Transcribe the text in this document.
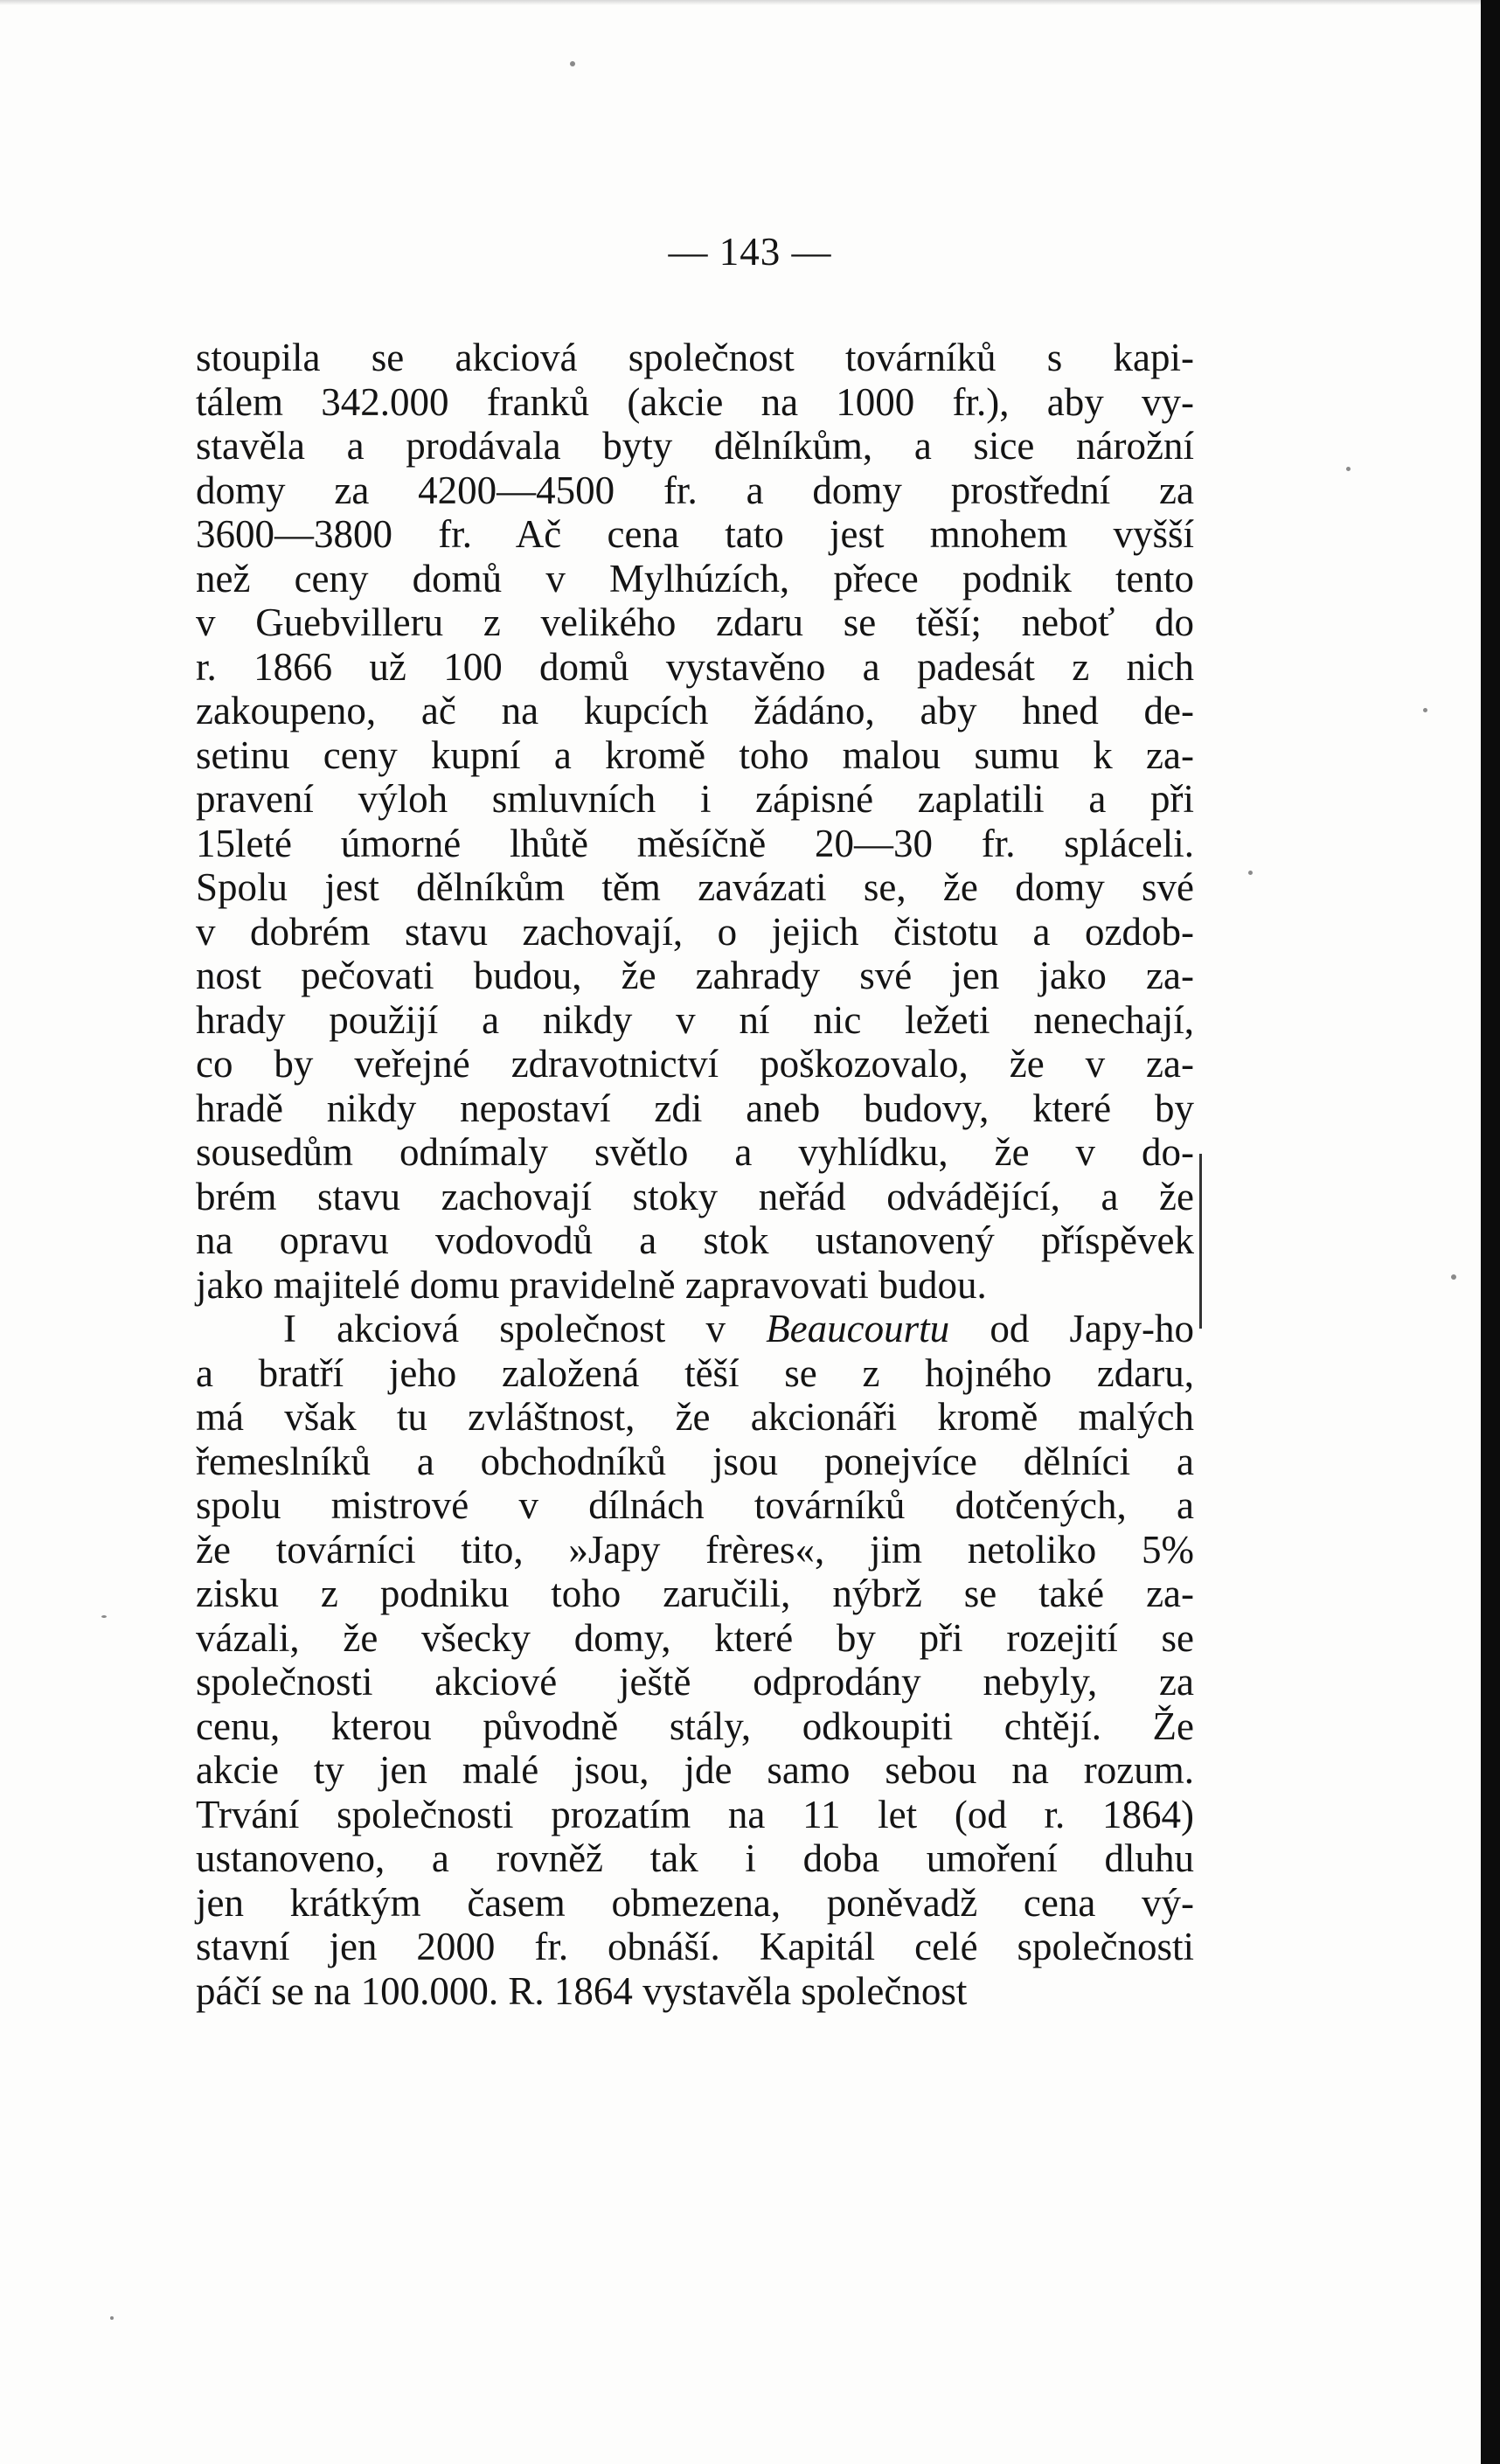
— 143 —
stoupila se akciová společnost továrníků s kapi-
tálem 342.000 franků (akcie na 1000 fr.), aby vy-
stavěla a prodávala byty dělníkům, a sice nárožní
domy za 4200—4500 fr. a domy prostřední za
3600—3800 fr. Ač cena tato jest mnohem vyšší
než ceny domů v Mylhúzích, přece podnik tento
v Guebvilleru z velikého zdaru se těší; neboť do
r. 1866 už 100 domů vystavěno a padesát z nich
zakoupeno, ač na kupcích žádáno, aby hned de-
setinu ceny kupní a kromě toho malou sumu k za-
pravení výloh smluvních i zápisné zaplatili a při
15leté úmorné lhůtě měsíčně 20—30 fr. spláceli.
Spolu jest dělníkům těm zavázati se, že domy své
v dobrém stavu zachovají, o jejich čistotu a ozdob-
nost pečovati budou, že zahrady své jen jako za-
hrady použijí a nikdy v ní nic ležeti nenechají,
co by veřejné zdravotnictví poškozovalo, že v za-
hradě nikdy nepostaví zdi aneb budovy, které by
sousedům odnímaly světlo a vyhlídku, že v do-
brém stavu zachovají stoky neřád odvádějící, a že
na opravu vodovodů a stok ustanovený příspěvek
jako majitelé domu pravidelně zapravovati budou.
I akciová společnost v Beaucourtu od Japy-ho
a bratří jeho založená těší se z hojného zdaru,
má však tu zvláštnost, že akcionáři kromě malých
řemeslníků a obchodníků jsou ponejvíce dělníci a
spolu mistrové v dílnách továrníků dotčených, a
že továrníci tito, »Japy frères«, jim netoliko 5%
zisku z podniku toho zaručili, nýbrž se také za-
vázali, že všecky domy, které by při rozejití se
společnosti akciové ještě odprodány nebyly, za
cenu, kterou původně stály, odkoupiti chtějí. Že
akcie ty jen malé jsou, jde samo sebou na rozum.
Trvání společnosti prozatím na 11 let (od r. 1864)
ustanoveno, a rovněž tak i doba umoření dluhu
jen krátkým časem obmezena, poněvadž cena vý-
stavní jen 2000 fr. obnáší. Kapitál celé společnosti
páčí se na 100.000. R. 1864 vystavěla společnost
